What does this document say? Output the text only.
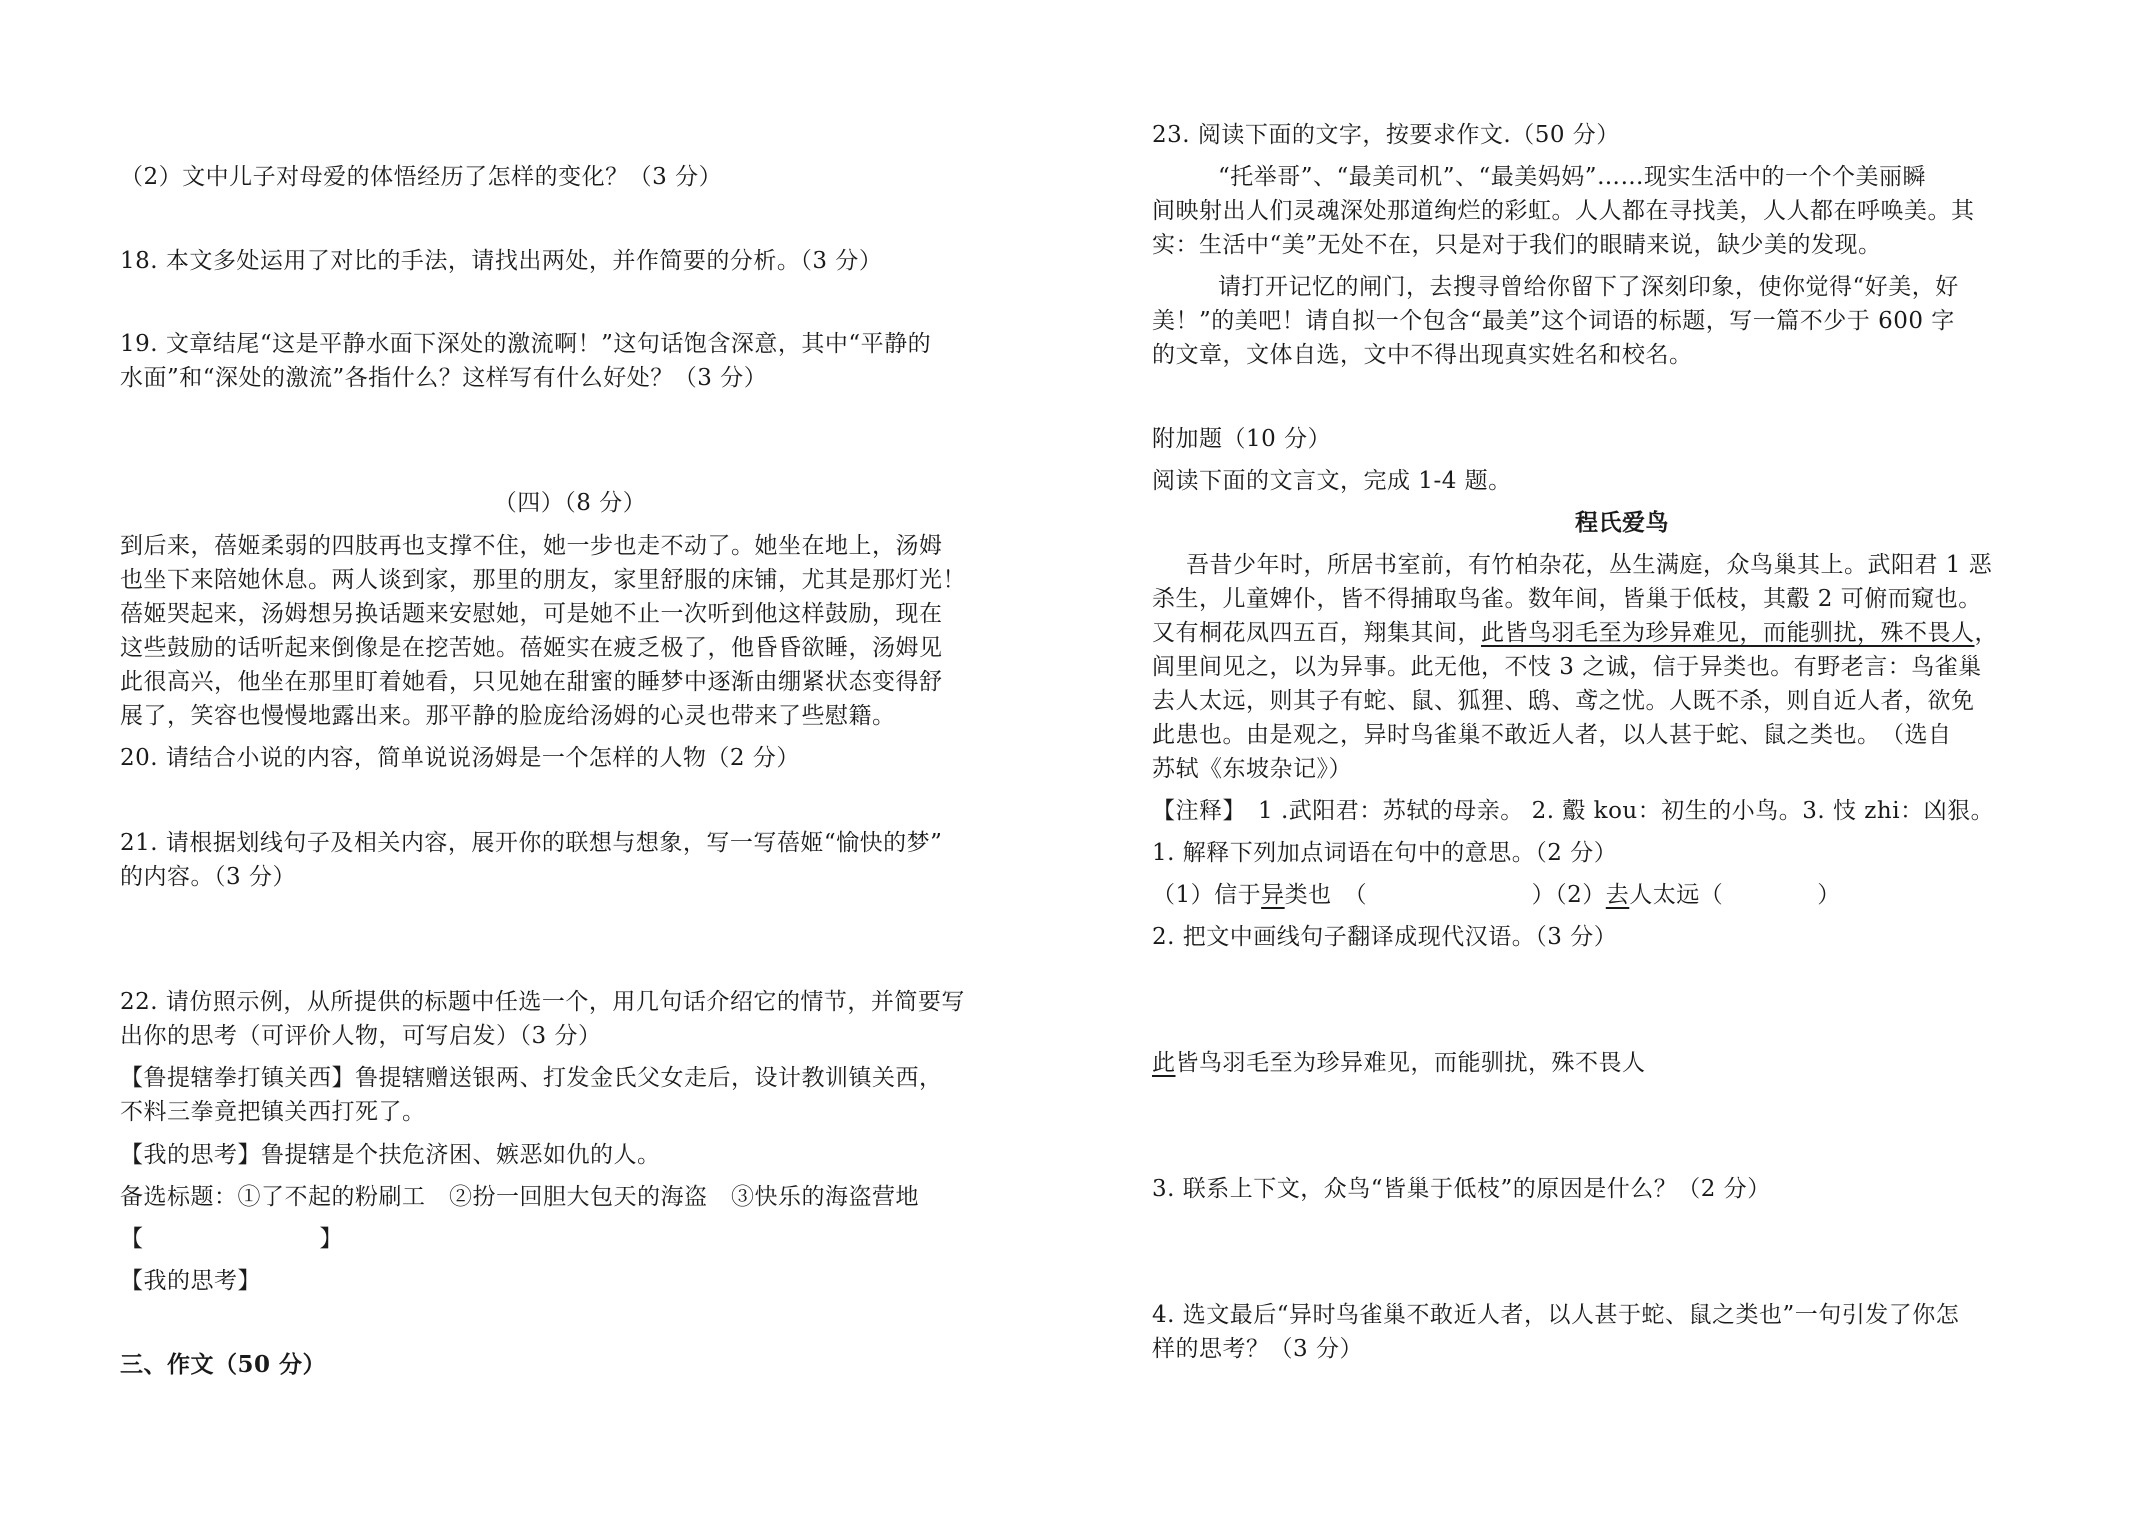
（2）文中儿子对母爱的体悟经历了怎样的变化？（3 分）
18. 本文多处运用了对比的手法，请找出两处，并作简要的分析。（3 分）
19. 文章结尾“这是平静水面下深处的激流啊！”这句话饱含深意，其中“平静的
水面”和“深处的激流”各指什么？这样写有什么好处？（3 分）
（四）（8 分）
到后来，蓓姬柔弱的四肢再也支撑不住，她一步也走不动了。她坐在地上，汤姆
也坐下来陪她休息。两人谈到家，那里的朋友，家里舒服的床铺，尤其是那灯光！
蓓姬哭起来，汤姆想另换话题来安慰她，可是她不止一次听到他这样鼓励，现在
这些鼓励的话听起来倒像是在挖苦她。蓓姬实在疲乏极了，他昏昏欲睡，汤姆见
此很高兴，他坐在那里盯着她看，只见她在甜蜜的睡梦中逐渐由绷紧状态变得舒
展了，笑容也慢慢地露出来。那平静的脸庞给汤姆的心灵也带来了些慰籍。
20. 请结合小说的内容，简单说说汤姆是一个怎样的人物（2 分）
21. 请根据划线句子及相关内容，展开你的联想与想象，写一写蓓姬“愉快的梦”
的内容。（3 分）
22. 请仿照示例，从所提供的标题中任选一个，用几句话介绍它的情节，并简要写
出你的思考（可评价人物，可写启发）（3 分）
【鲁提辖拳打镇关西】鲁提辖赠送银两、打发金氏父女走后，设计教训镇关西，
不料三拳竟把镇关西打死了。
【我的思考】鲁提辖是个扶危济困、嫉恶如仇的人。
备选标题：①了不起的粉刷工　②扮一回胆大包天的海盗　③快乐的海盗营地
【	】
【我的思考】
三、作文（50 分）
23. 阅读下面的文字，按要求作文.（50 分）
“托举哥”、“最美司机”、“最美妈妈”……现实生活中的一个个美丽瞬
间映射出人们灵魂深处那道绚烂的彩虹。人人都在寻找美，人人都在呼唤美。其
实：生活中“美”无处不在，只是对于我们的眼睛来说，缺少美的发现。
请打开记忆的闸门，去搜寻曾给你留下了深刻印象，使你觉得“好美，好
美！”的美吧！请自拟一个包含“最美”这个词语的标题，写一篇不少于 600 字
的文章，文体自选，文中不得出现真实姓名和校名。
附加题（10 分）
阅读下面的文言文，完成 1-4 题。
程氏爱鸟
吾昔少年时，所居书室前，有竹柏杂花，丛生满庭，众鸟巢其上。武阳君 1 恶
杀生，儿童婢仆，皆不得捕取鸟雀。数年间，皆巢于低枝，其鷇 2 可俯而窥也。
又有桐花凤四五百，翔集其间，此皆鸟羽毛至为珍异难见，而能驯扰，殊不畏人，
闾里间见之，以为异事。此无他，不忮 3 之诚，信于异类也。有野老言：鸟雀巢
去人太远，则其子有蛇、鼠、狐狸、鸱、鸢之忧。人既不杀，则自近人者，欲免
此患也。由是观之，异时鸟雀巢不敢近人者，以人甚于蛇、鼠之类也。　（选自
苏轼《东坡杂记》）
【注释】　1 .武阳君：苏轼的母亲。 2. 鷇 kou：初生的小鸟。3. 忮 zhi：凶狠。
1. 解释下列加点词语在句中的意思。（2 分）
（1）信于异类也　（　　　　　　　）（2）去人太远（　　　　）
2. 把文中画线句子翻译成现代汉语。（3 分）
此皆鸟羽毛至为珍异难见，而能驯扰，殊不畏人
3. 联系上下文，众鸟“皆巢于低枝”的原因是什么？（2 分）
4. 选文最后“异时鸟雀巢不敢近人者，以人甚于蛇、鼠之类也”一句引发了你怎
样的思考？（3 分）
